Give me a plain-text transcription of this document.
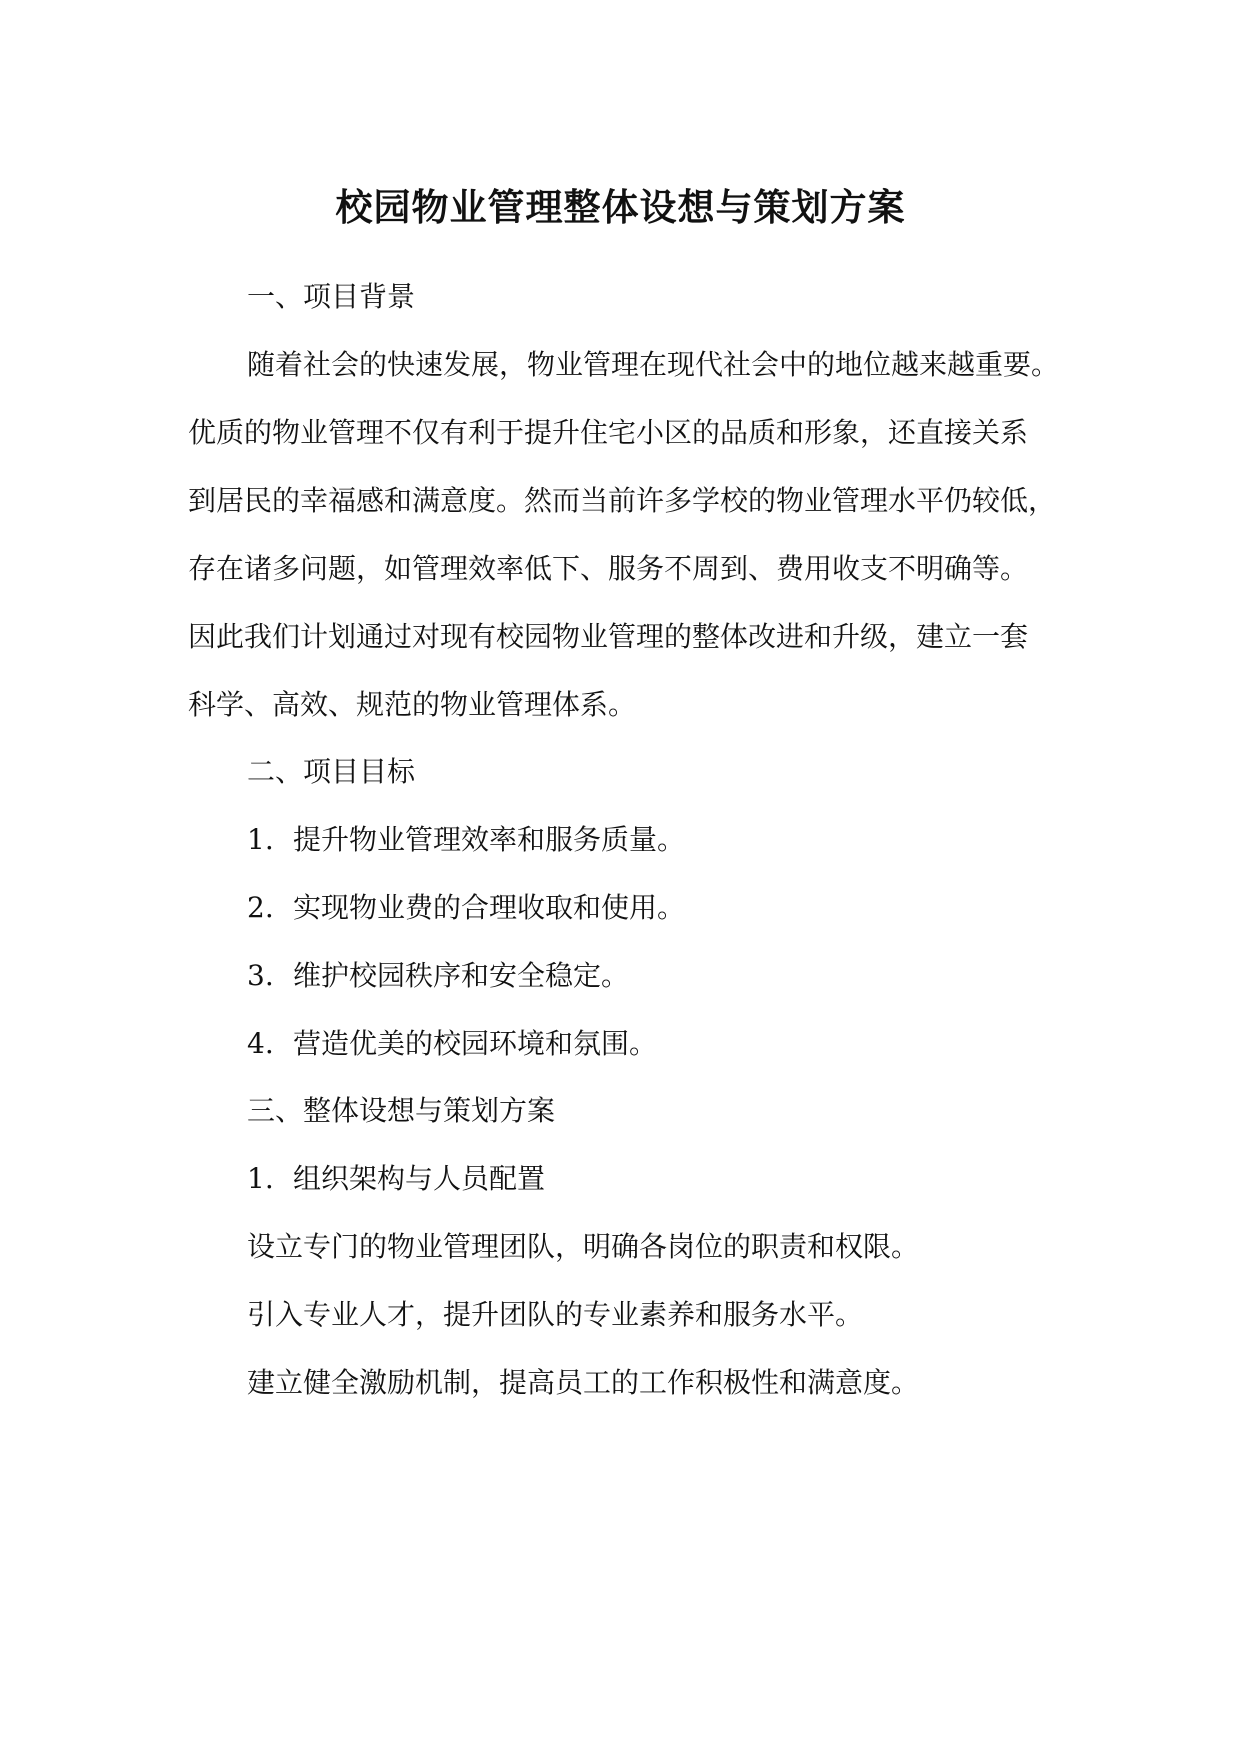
校园物业管理整体设想与策划方案
一、项目背景
随着社会的快速发展，物业管理在现代社会中的地位越来越重要。
优质的物业管理不仅有利于提升住宅小区的品质和形象，还直接关系
到居民的幸福感和满意度。然而当前许多学校的物业管理水平仍较低，
存在诸多问题，如管理效率低下、服务不周到、费用收支不明确等。
因此我们计划通过对现有校园物业管理的整体改进和升级，建立一套
科学、高效、规范的物业管理体系。
二、项目目标
1. 提升物业管理效率和服务质量。
2. 实现物业费的合理收取和使用。
3. 维护校园秩序和安全稳定。
4. 营造优美的校园环境和氛围。
三、整体设想与策划方案
1. 组织架构与人员配置
设立专门的物业管理团队，明确各岗位的职责和权限。
引入专业人才，提升团队的专业素养和服务水平。
建立健全激励机制，提高员工的工作积极性和满意度。
